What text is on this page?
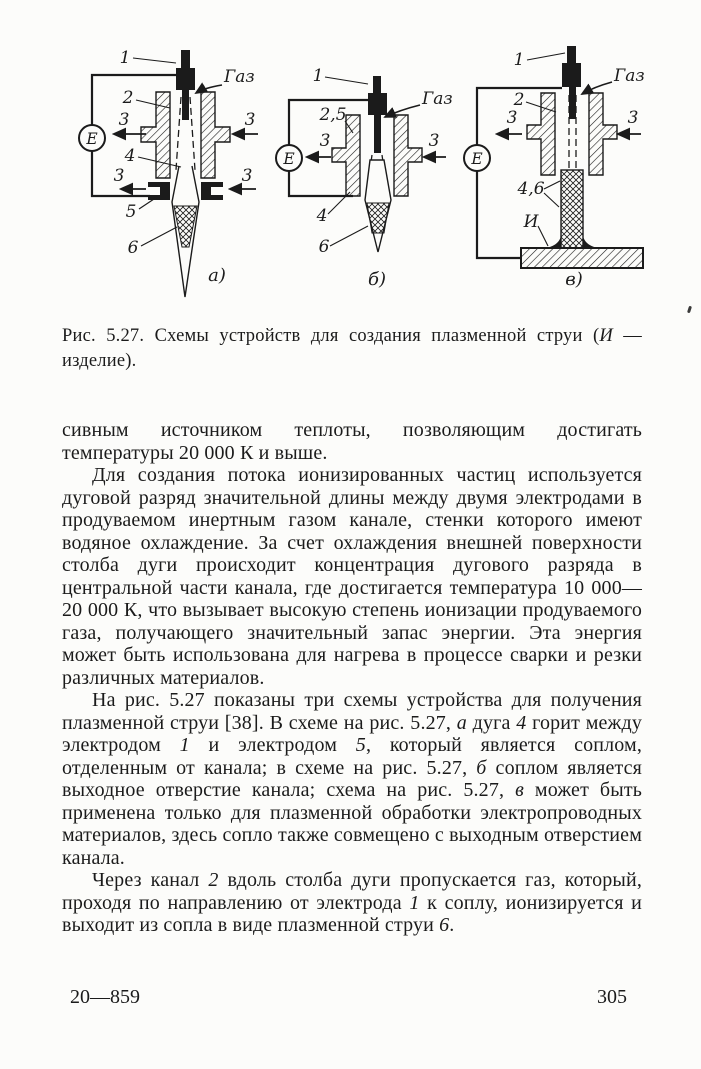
E
1
2
3	3
4
3	3
5
6
Газ
а)
E
1
2,5
3	3
4
6
Газ
б)
E
1
2
3	3
4,6
И
Газ
в)

Рис. 5.27. Схемы устройств для создания плазменной струи (И — изделие).

сивным источником теплоты, позволяющим достигать температуры 20 000 К и выше.

Для создания потока ионизированных частиц используется дуговой разряд значительной длины между двумя электродами в продуваемом инертным газом канале, стенки которого имеют водяное охлаждение. За счет охлаждения внешней поверхности столба дуги происходит концентрация дугового разряда в центральной части канала, где достигается температура 10 000—20 000 К, что вызывает высокую степень ионизации продуваемого газа, получающего значительный запас энергии. Эта энергия может быть использована для нагрева в процессе сварки и резки различных материалов.

На рис. 5.27 показаны три схемы устройства для получения плазменной струи [38]. В схеме на рис. 5.27, а дуга 4 горит между электродом 1 и электродом 5, который является соплом, отделенным от канала; в схеме на рис. 5.27, б соплом является выходное отверстие канала; схема на рис. 5.27, в может быть применена только для плазменной обработки электропроводных материалов, здесь сопло также совмещено с выходным отверстием канала.

Через канал 2 вдоль столба дуги пропускается газ, который, проходя по направлению от электрода 1 к соплу, ионизируется и выходит из сопла в виде плазменной струи 6.

20—859	305
